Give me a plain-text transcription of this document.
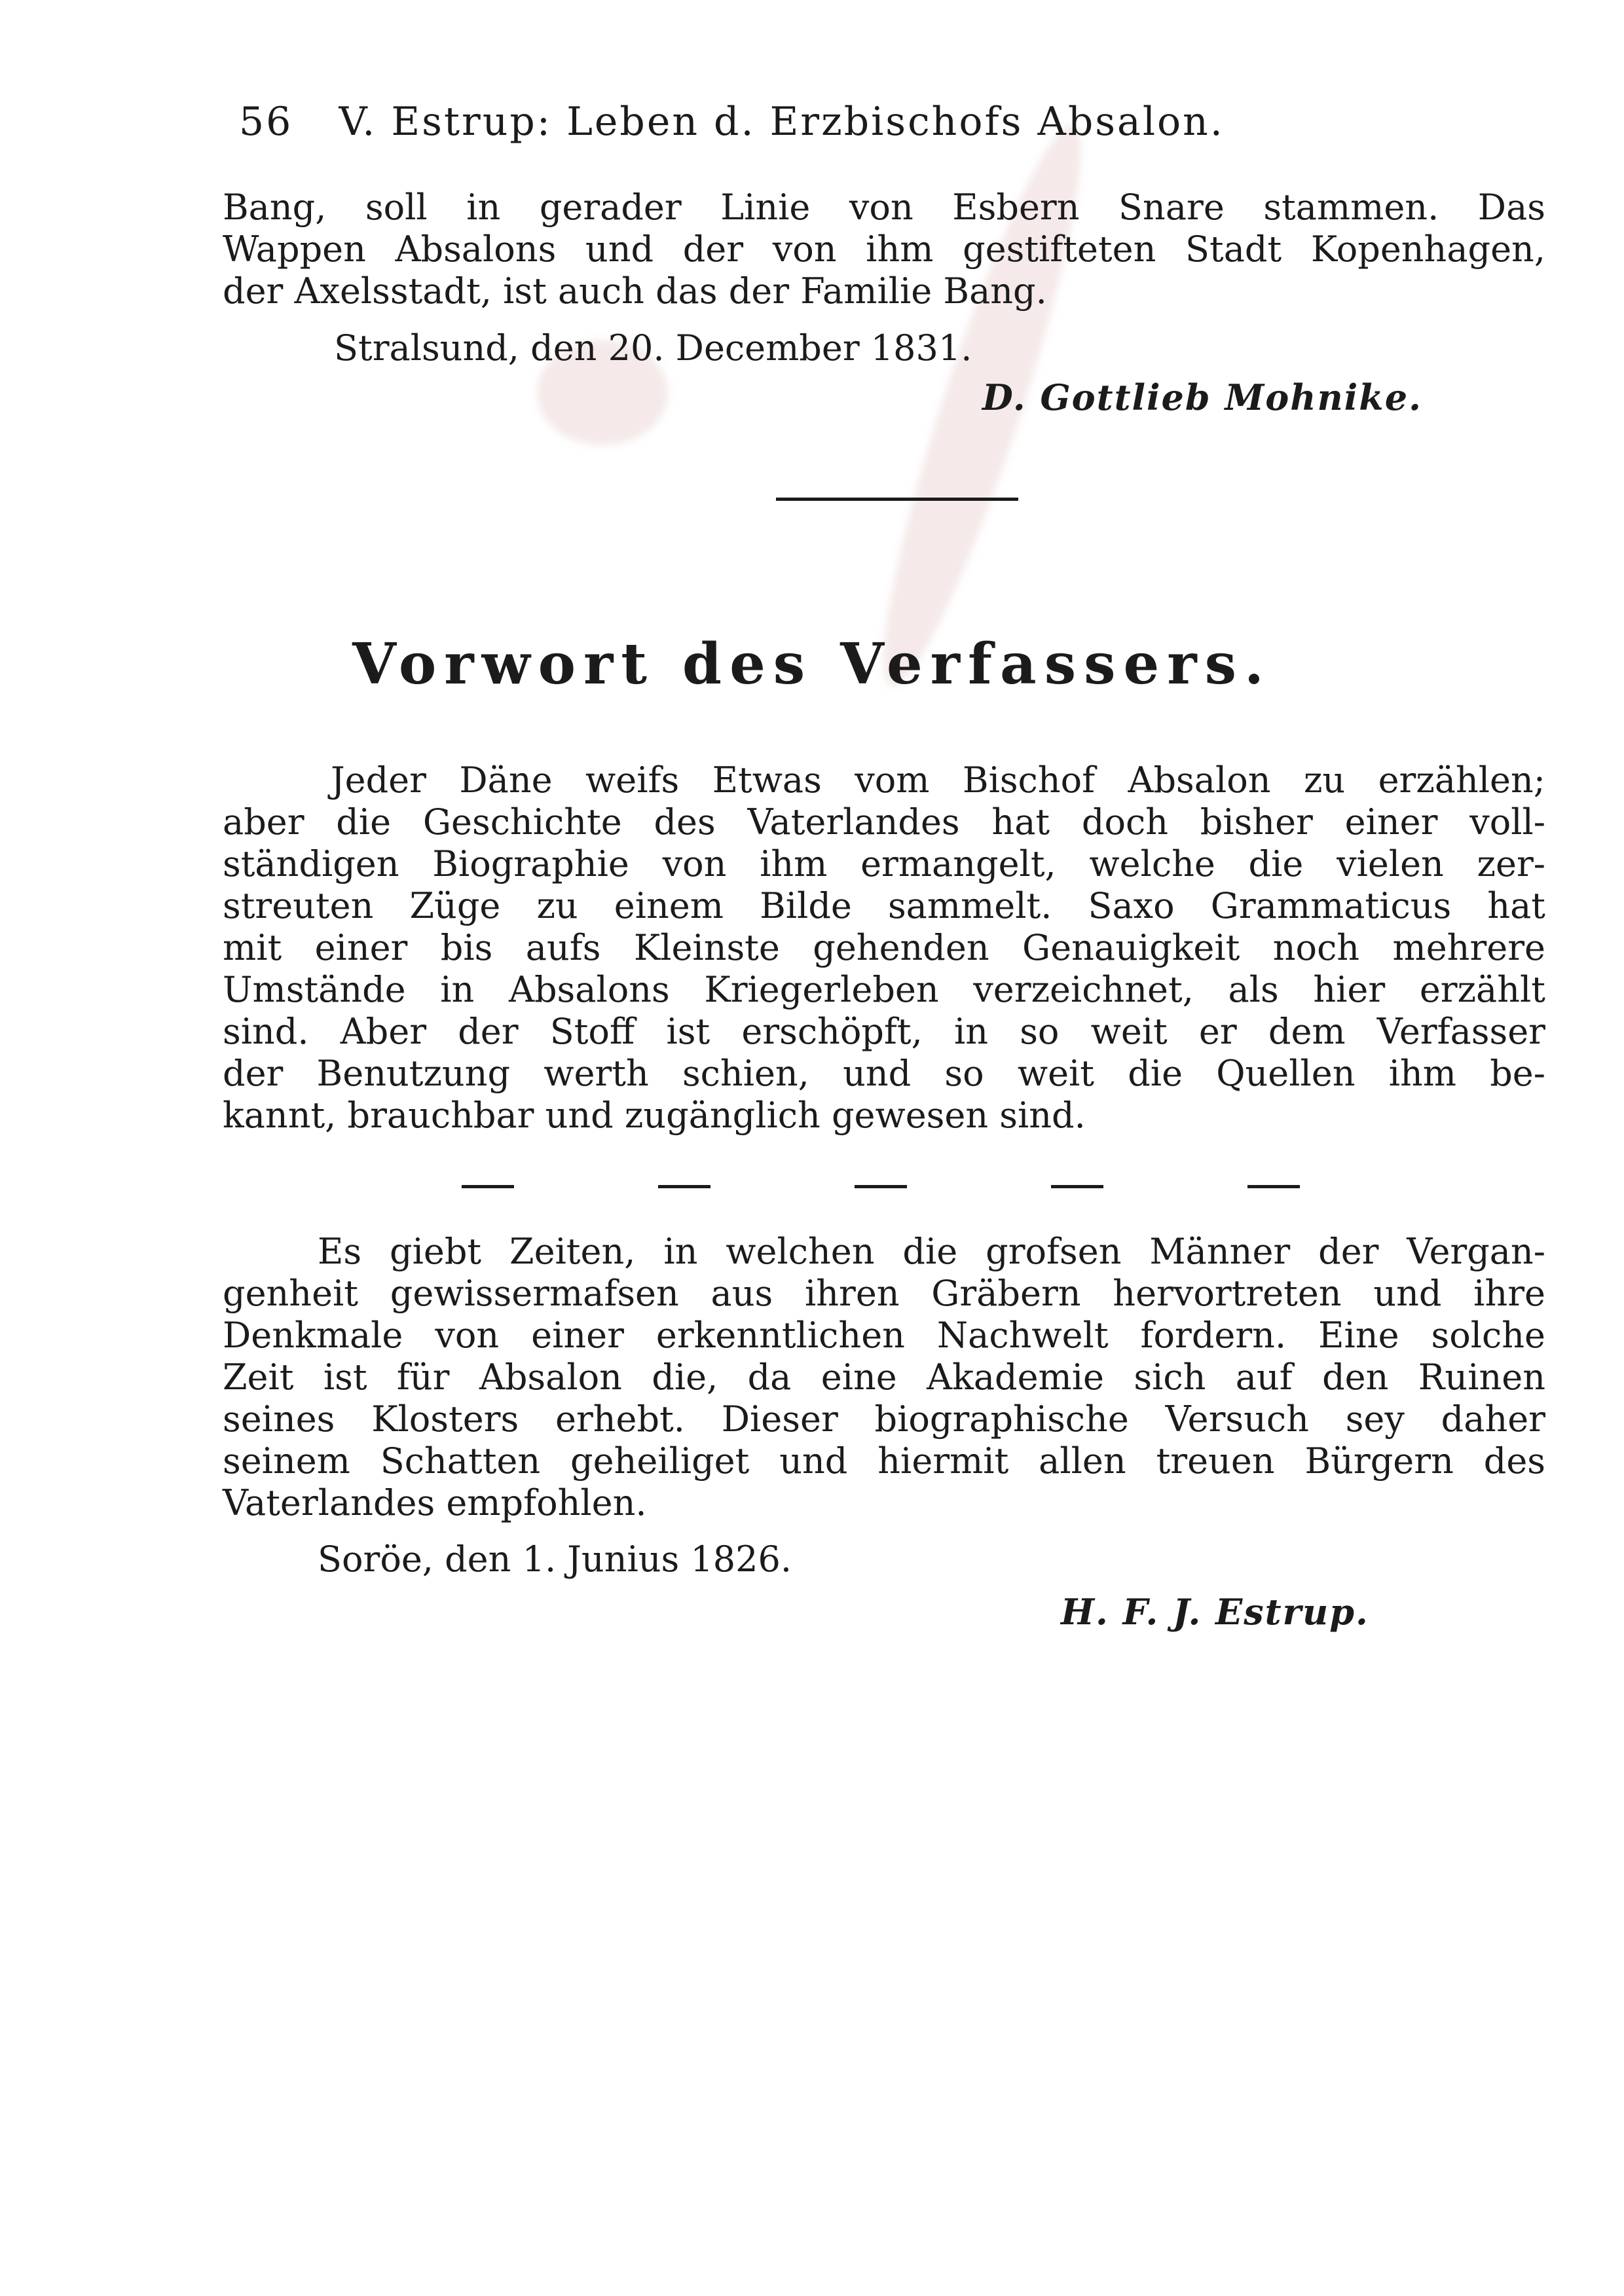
56 V. Estrup: Leben d. Erzbischofs Absalon.
Bang, soll in gerader Linie von Esbern Snare stammen. Das
Wappen Absalons und der von ihm gestifteten Stadt Kopenhagen,
der Axelsstadt, ist auch das der Familie Bang.
Stralsund, den 20. December 1831.
D. Gottlieb Mohnike.
Vorwort des Verfassers.
Jeder Däne weifs Etwas vom Bischof Absalon zu erzählen;
aber die Geschichte des Vaterlandes hat doch bisher einer voll-
ständigen Biographie von ihm ermangelt, welche die vielen zer-
streuten Züge zu einem Bilde sammelt. Saxo Grammaticus hat
mit einer bis aufs Kleinste gehenden Genauigkeit noch mehrere
Umstände in Absalons Kriegerleben verzeichnet, als hier erzählt
sind. Aber der Stoff ist erschöpft, in so weit er dem Verfasser
der Benutzung werth schien, und so weit die Quellen ihm be-
kannt, brauchbar und zugänglich gewesen sind.
Es giebt Zeiten, in welchen die grofsen Männer der Vergan-
genheit gewissermafsen aus ihren Gräbern hervortreten und ihre
Denkmale von einer erkenntlichen Nachwelt fordern. Eine solche
Zeit ist für Absalon die, da eine Akademie sich auf den Ruinen
seines Klosters erhebt. Dieser biographische Versuch sey daher
seinem Schatten geheiliget und hiermit allen treuen Bürgern des
Vaterlandes empfohlen.
Soröe, den 1. Junius 1826.
H. F. J. Estrup.
